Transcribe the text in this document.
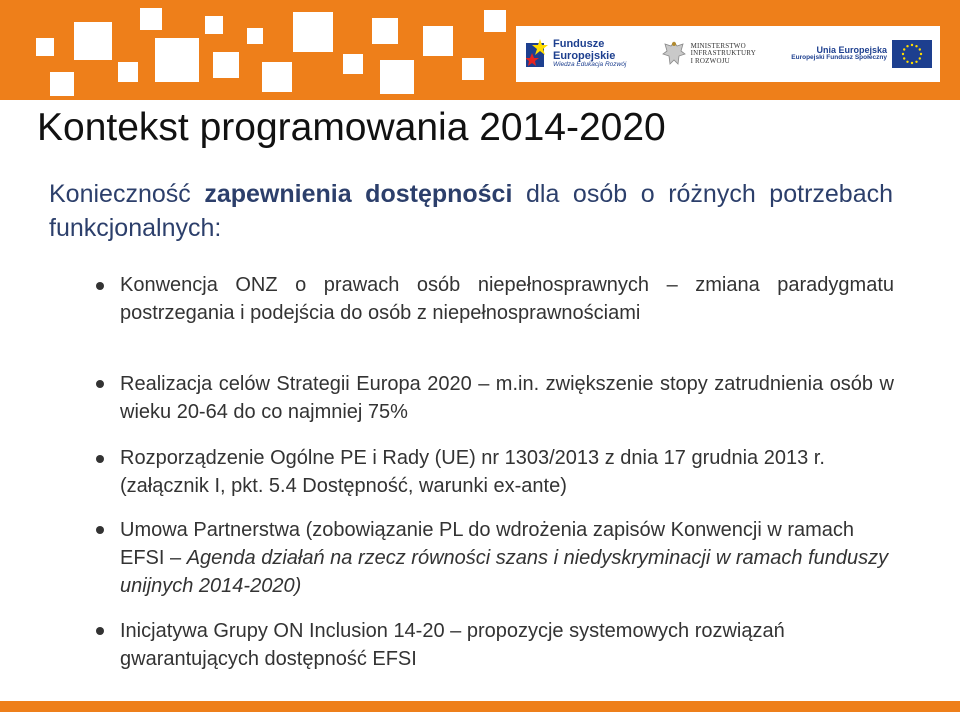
Fundusze
Europejskie
Wiedza Edukacja Rozwój
MINISTERSTWO
INFRASTRUKTURY
I ROZWOJU
Unia Europejska
Europejski Fundusz Społeczny
Kontekst programowania 2014-2020
Konieczność zapewnienia dostępności dla osób o różnych potrzebach funkcjonalnych:
Konwencja ONZ o prawach osób niepełnosprawnych – zmiana paradygmatu postrzegania i podejścia do osób z niepełnosprawnościami
Realizacja celów Strategii Europa 2020 – m.in. zwiększenie stopy zatrudnienia osób w wieku 20-64 do co najmniej 75%
Rozporządzenie Ogólne PE i Rady (UE) nr 1303/2013 z dnia 17 grudnia 2013 r. (załącznik I, pkt. 5.4 Dostępność, warunki ex-ante)
Umowa Partnerstwa (zobowiązanie PL do wdrożenia zapisów Konwencji w ramach EFSI – Agenda działań na rzecz równości szans i niedyskryminacji w ramach funduszy unijnych 2014-2020)
Inicjatywa Grupy ON Inclusion 14-20 – propozycje systemowych rozwiązań gwarantujących dostępność EFSI
